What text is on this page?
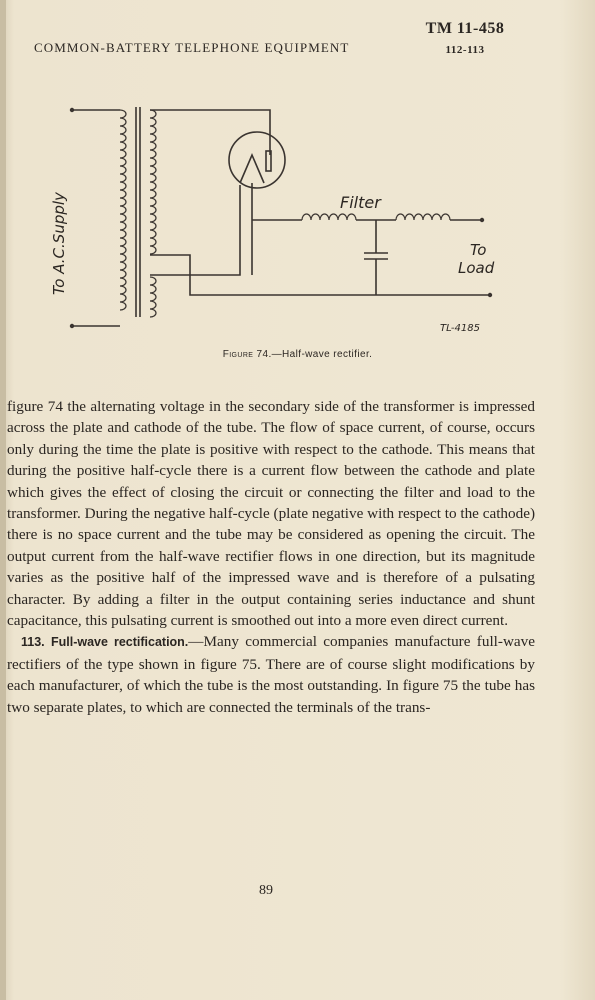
COMMON-BATTERY TELEPHONE EQUIPMENT
TM 11-458
112-113
To A.C.Supply	Filter
To
Load
TL-4185
Figure 74.—Half-wave rectifier.

figure 74 the alternating voltage in the secondary side of the transformer is impressed across the plate and cathode of the tube. The flow of space current, of course, occurs only during the time the plate is positive with respect to the cathode. This means that during the positive half-cycle there is a current flow between the cathode and plate which gives the effect of closing the circuit or connecting the filter and load to the transformer. During the negative half-cycle (plate negative with respect to the cathode) there is no space current and the tube may be considered as opening the circuit. The output current from the half-wave rectifier flows in one direction, but its magnitude varies as the positive half of the impressed wave and is therefore of a pulsating character. By adding a filter in the output containing series inductance and shunt capacitance, this pulsating current is smoothed out into a more even direct current.

113. Full-wave rectification.—Many commercial companies manufacture full-wave rectifiers of the type shown in figure 75. There are of course slight modifications by each manufacturer, of which the tube is the most outstanding. In figure 75 the tube has two separate plates, to which are connected the terminals of the trans-

89
